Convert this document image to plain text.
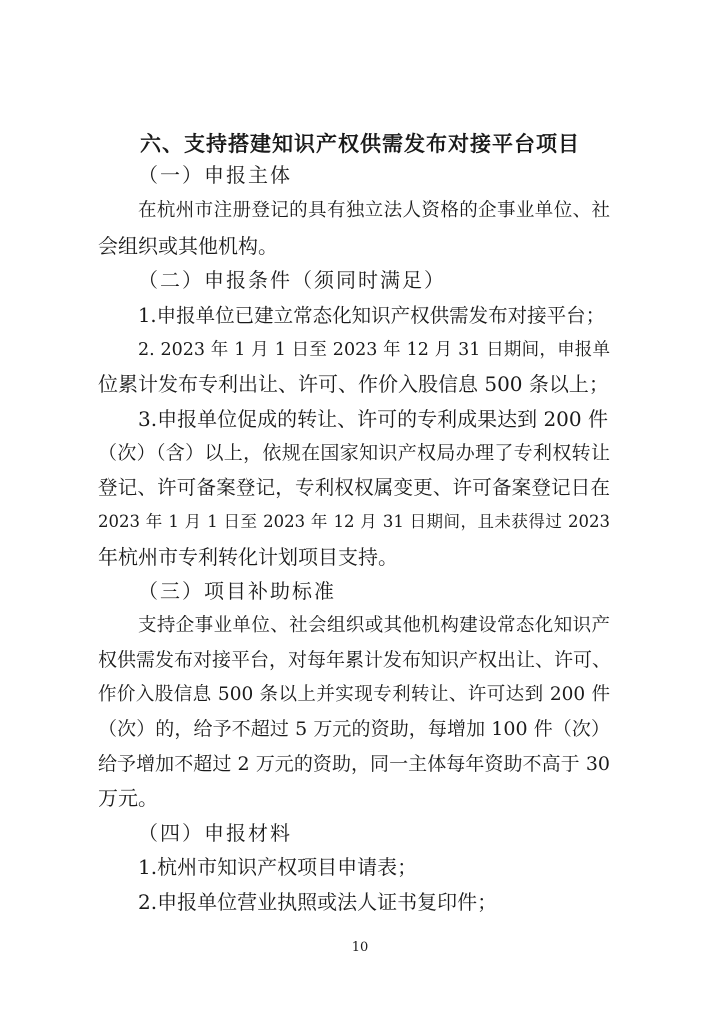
六、支持搭建知识产权供需发布对接平台项目
（一）申报主体
在杭州市注册登记的具有独立法人资格的企事业单位、社
会组织或其他机构。
（二）申报条件（须同时满足）
1.申报单位已建立常态化知识产权供需发布对接平台；
2. 2023 年 1 月 1 日至 2023 年 12 月 31 日期间，申报单
位累计发布专利出让、许可、作价入股信息 500 条以上；
3.申报单位促成的转让、许可的专利成果达到 200 件
（次）（含）以上，依规在国家知识产权局办理了专利权转让
登记、许可备案登记，专利权权属变更、许可备案登记日在
2023 年 1 月 1 日至 2023 年 12 月 31 日期间，且未获得过 2023
年杭州市专利转化计划项目支持。
（三）项目补助标准
支持企事业单位、社会组织或其他机构建设常态化知识产
权供需发布对接平台，对每年累计发布知识产权出让、许可、
作价入股信息 500 条以上并实现专利转让、许可达到 200 件
（次）的，给予不超过 5 万元的资助，每增加 100 件（次）
给予增加不超过 2 万元的资助，同一主体每年资助不高于 30
万元。
（四）申报材料
1.杭州市知识产权项目申请表；
2.申报单位营业执照或法人证书复印件；
10
